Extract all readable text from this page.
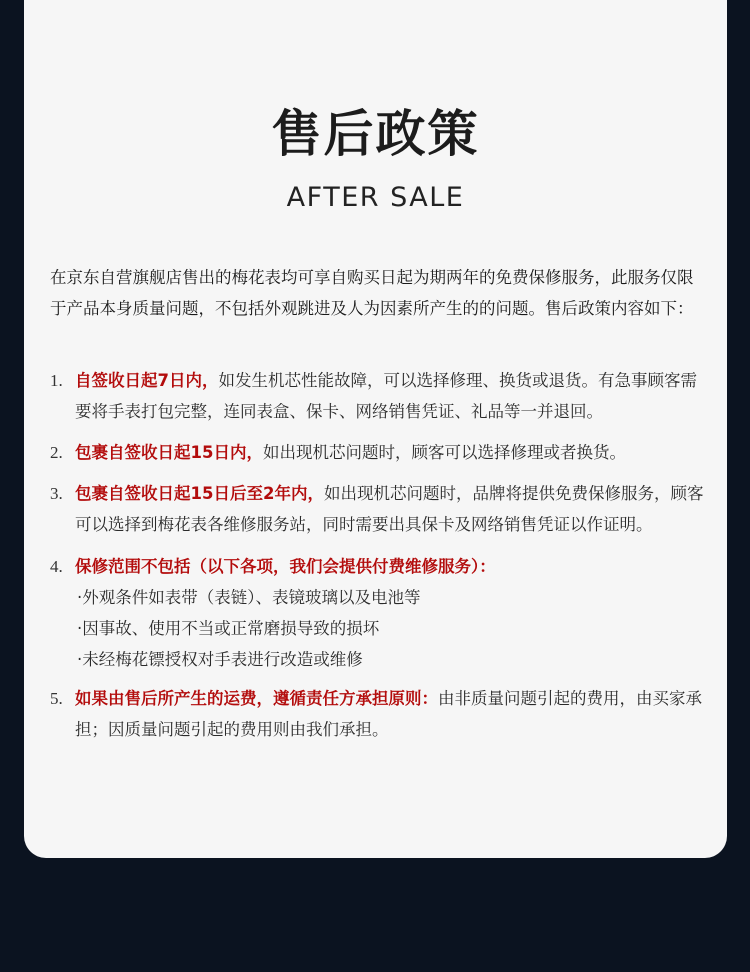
售后政策
AFTER SALE
在京东自营旗舰店售出的梅花表均可享自购买日起为期两年的免费保修服务，此服务仅限于产品本身质量问题，不包括外观跳进及人为因素所产生的的问题。售后政策内容如下：
1. 自签收日起7日内，如发生机芯性能故障，可以选择修理、换货或退货。有急事顾客需要将手表打包完整，连同表盒、保卡、网络销售凭证、礼品等一并退回。
2. 包裹自签收日起15日内，如出现机芯问题时，顾客可以选择修理或者换货。
3. 包裹自签收日起15日后至2年内，如出现机芯问题时，品牌将提供免费保修服务，顾客可以选择到梅花表各维修服务站，同时需要出具保卡及网络销售凭证以作证明。
4. 保修范围不包括（以下各项，我们会提供付费维修服务）：
·外观条件如表带（表链）、表镜玻璃以及电池等
·因事故、使用不当或正常磨损导致的损坏
·未经梅花镖授权对手表进行改造或维修
5. 如果由售后所产生的运费，遵循责任方承担原则：由非质量问题引起的费用，由买家承担；因质量问题引起的费用则由我们承担。
